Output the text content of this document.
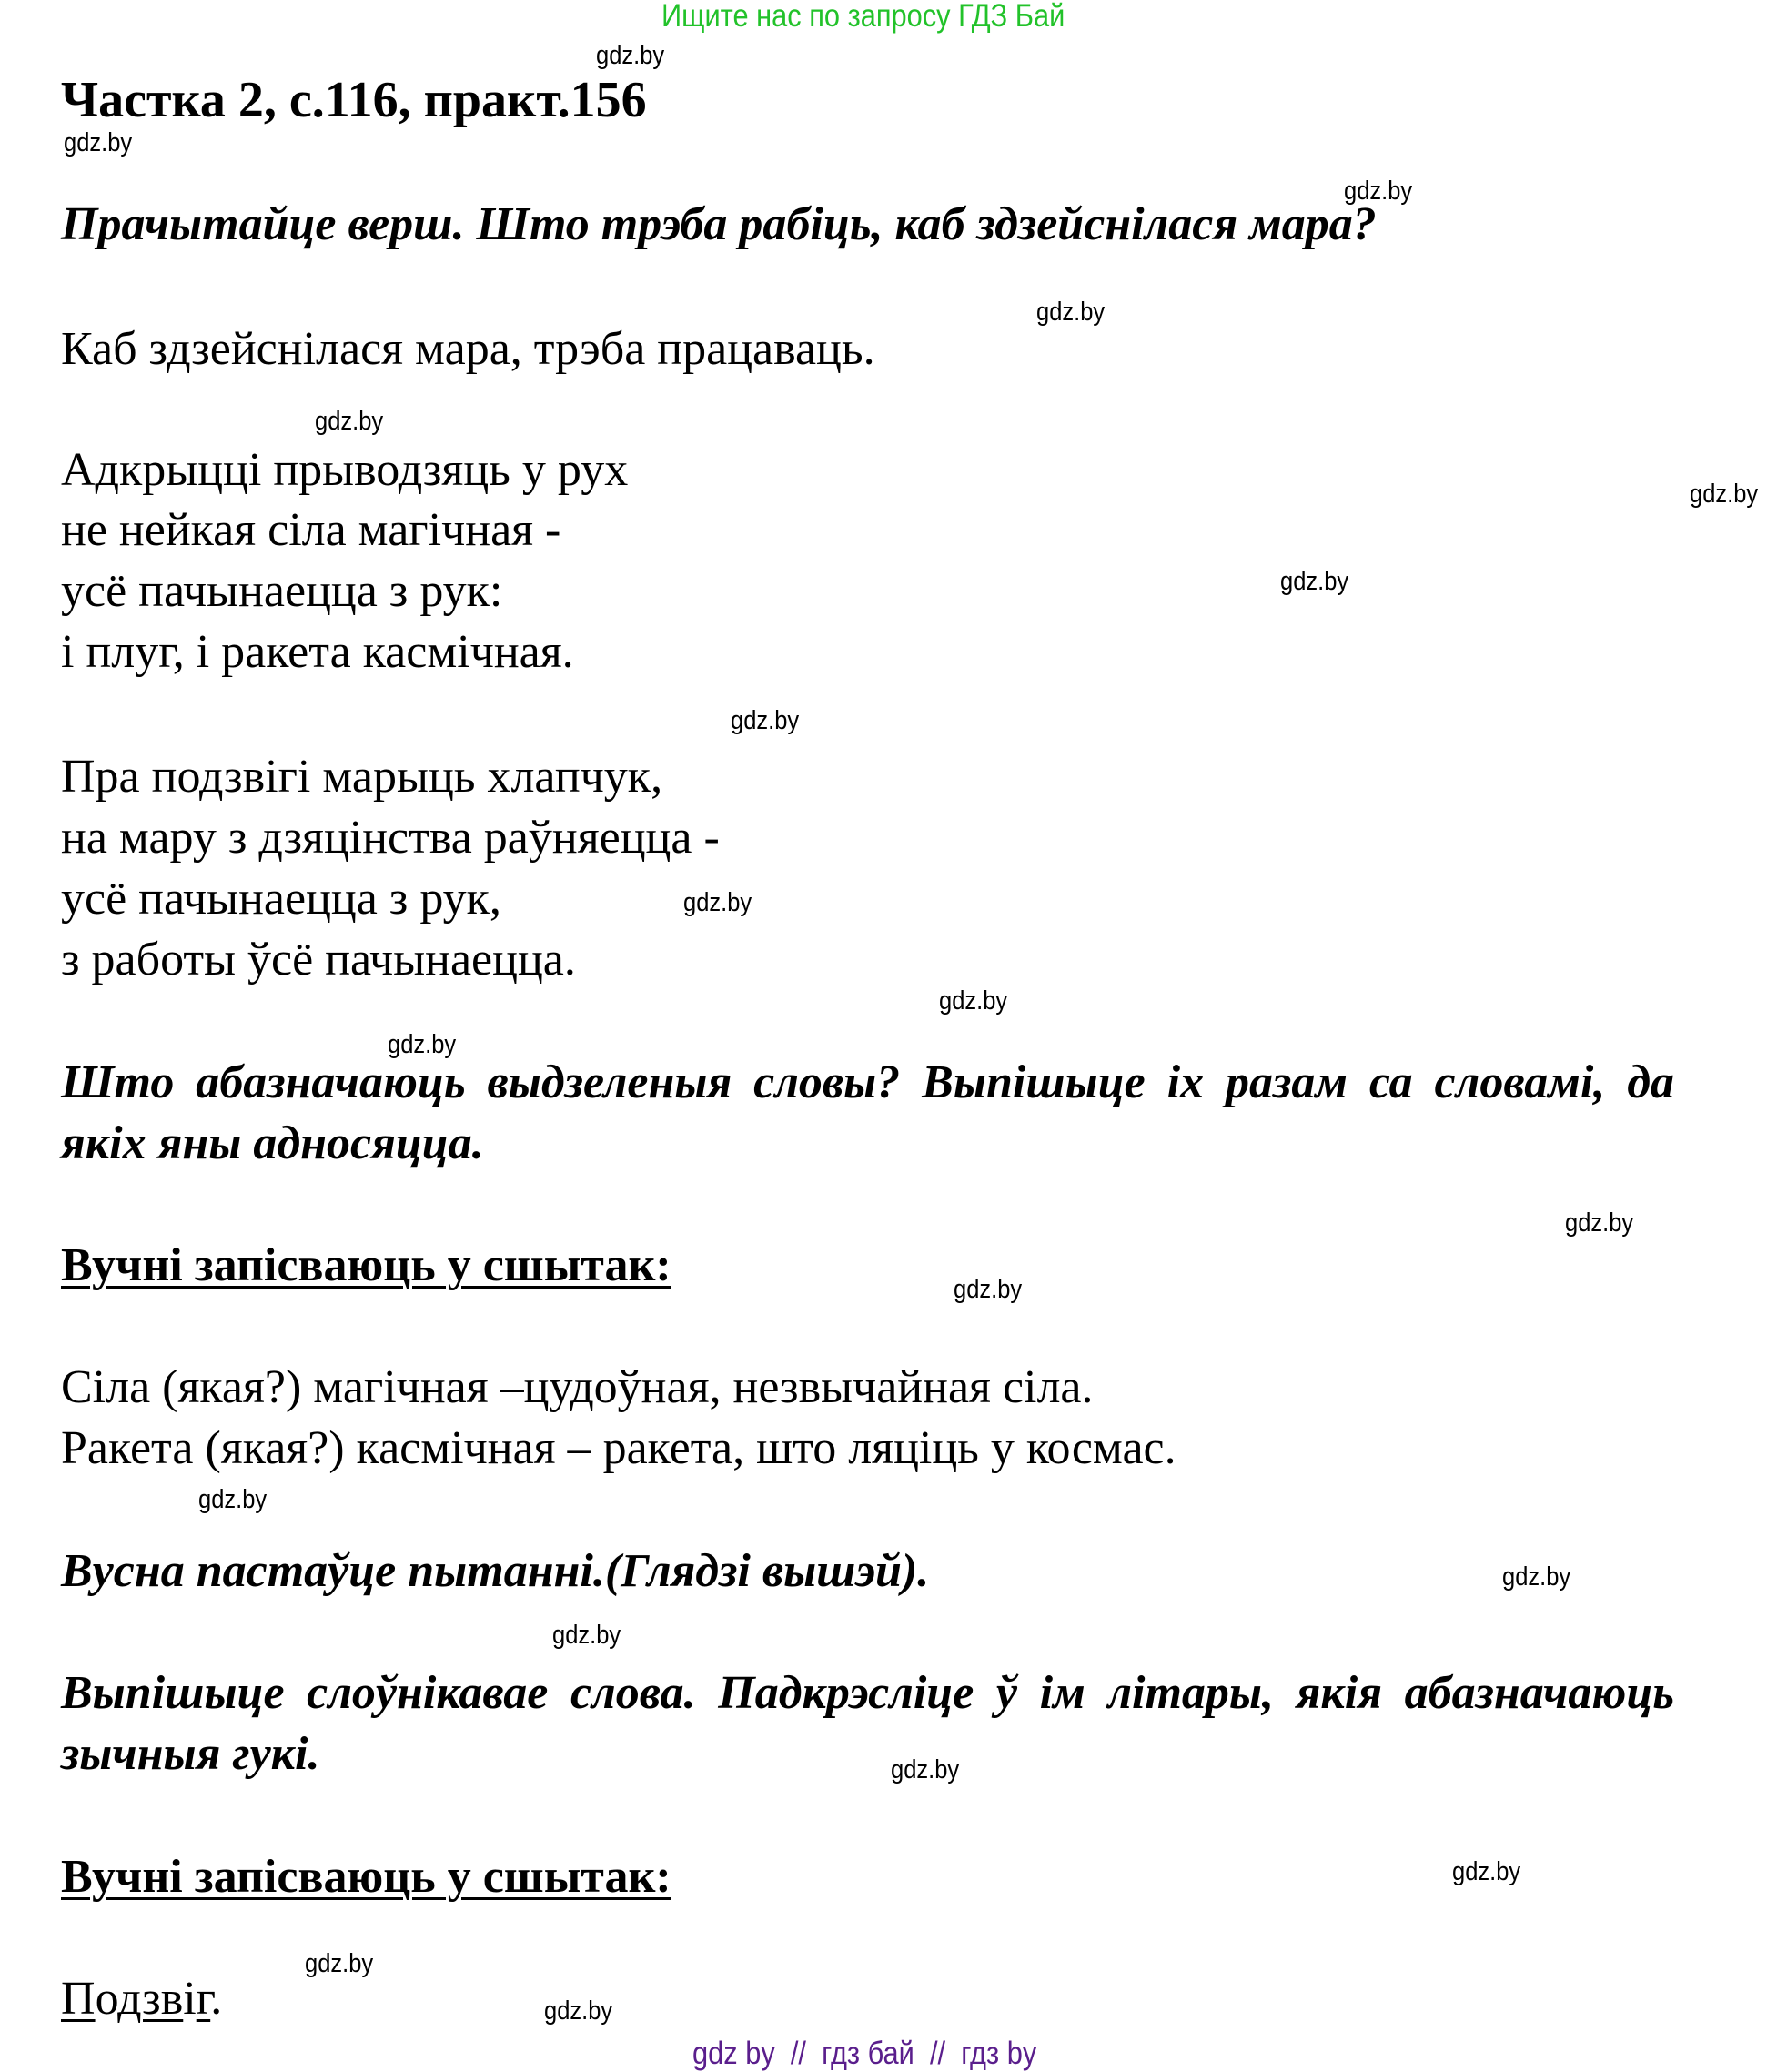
Ищите нас по запросу ГДЗ Бай
gdz.by
gdz.by
gdz.by
gdz.by
gdz.by
gdz.by
gdz.by
gdz.by
gdz.by
gdz.by
gdz.by
gdz.by
gdz.by
gdz.by
gdz.by
gdz.by
gdz.by
gdz.by
gdz.by
gdz.by
Частка 2, с.116, практ.156
Прачытайце верш. Што трэба рабіць, каб здзейснілася мара?
Каб здзейснілася мара, трэба працаваць.
Адкрыцці прыводзяць у рух
не нейкая сіла магічная -
усё пачынаецца з рук:
і плуг, і ракета касмічная.
Пра подзвігі марыць хлапчук,
на мару з дзяцінства раўняецца -
усё пачынаецца з рук,
з работы ўсё пачынаецца.
Што абазначаюць выдзеленыя словы? Выпішыце іх разам са словамі, да якіх яны адносяцца.
Вучні запісваюць у сшытак:
Сіла (якая?) магічная –цудоўная, незвычайная сіла.
Ракета (якая?) касмічная – ракета, што ляціць у космас.
Вусна пастаўце пытанні.(Глядзі вышэй).
Выпішыце слоўнікавае слова. Падкрэсліце ў ім літары, якія абазначаюць зычныя гукі.
Вучні запісваюць у сшытак:
Подзвіг.
gdz by  //  гдз бай  //  гдз by
